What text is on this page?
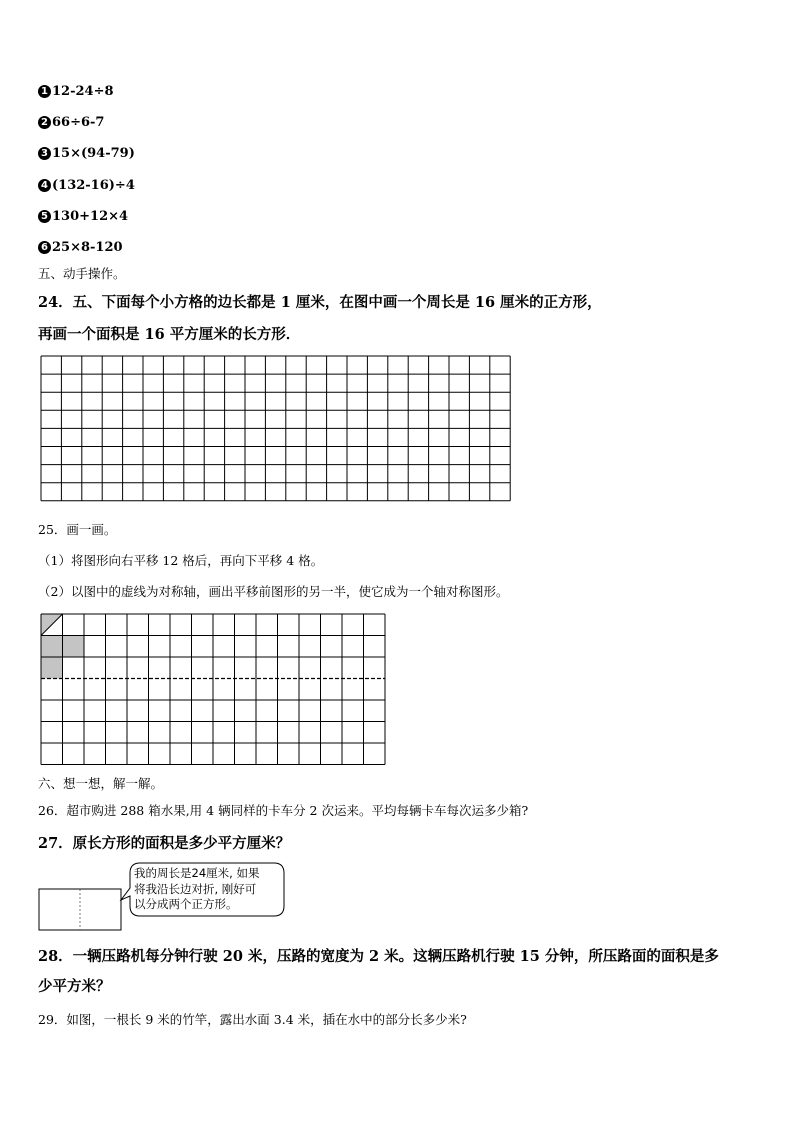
1 12-24÷8
2 66÷6-7
3 15×(94-79)
4 (132-16)÷4
5 130+12×4
6 25×8-120
五、动手操作。
24．五、下面每个小方格的边长都是 1 厘米，在图中画一个周长是 16 厘米的正方形，
再画一个面积是 16 平方厘米的长方形．
25．画一画。
（1）将图形向右平移 12 格后，再向下平移 4 格。
（2）以图中的虚线为对称轴，画出平移前图形的另一半，使它成为一个轴对称图形。
六、想一想，解一解。
26．超市购进 288 箱水果,用 4 辆同样的卡车分 2 次运来。平均每辆卡车每次运多少箱?
27．原长方形的面积是多少平方厘米？
我的周长是24厘米, 如果
将我沿长边对折, 刚好可
以分成两个正方形。
28．一辆压路机每分钟行驶 20 米，压路的宽度为 2 米。这辆压路机行驶 15 分钟，所压路面的面积是多
少平方米？
29．如图，一根长 9 米的竹竿，露出水面 3.4 米，插在水中的部分长多少米?
